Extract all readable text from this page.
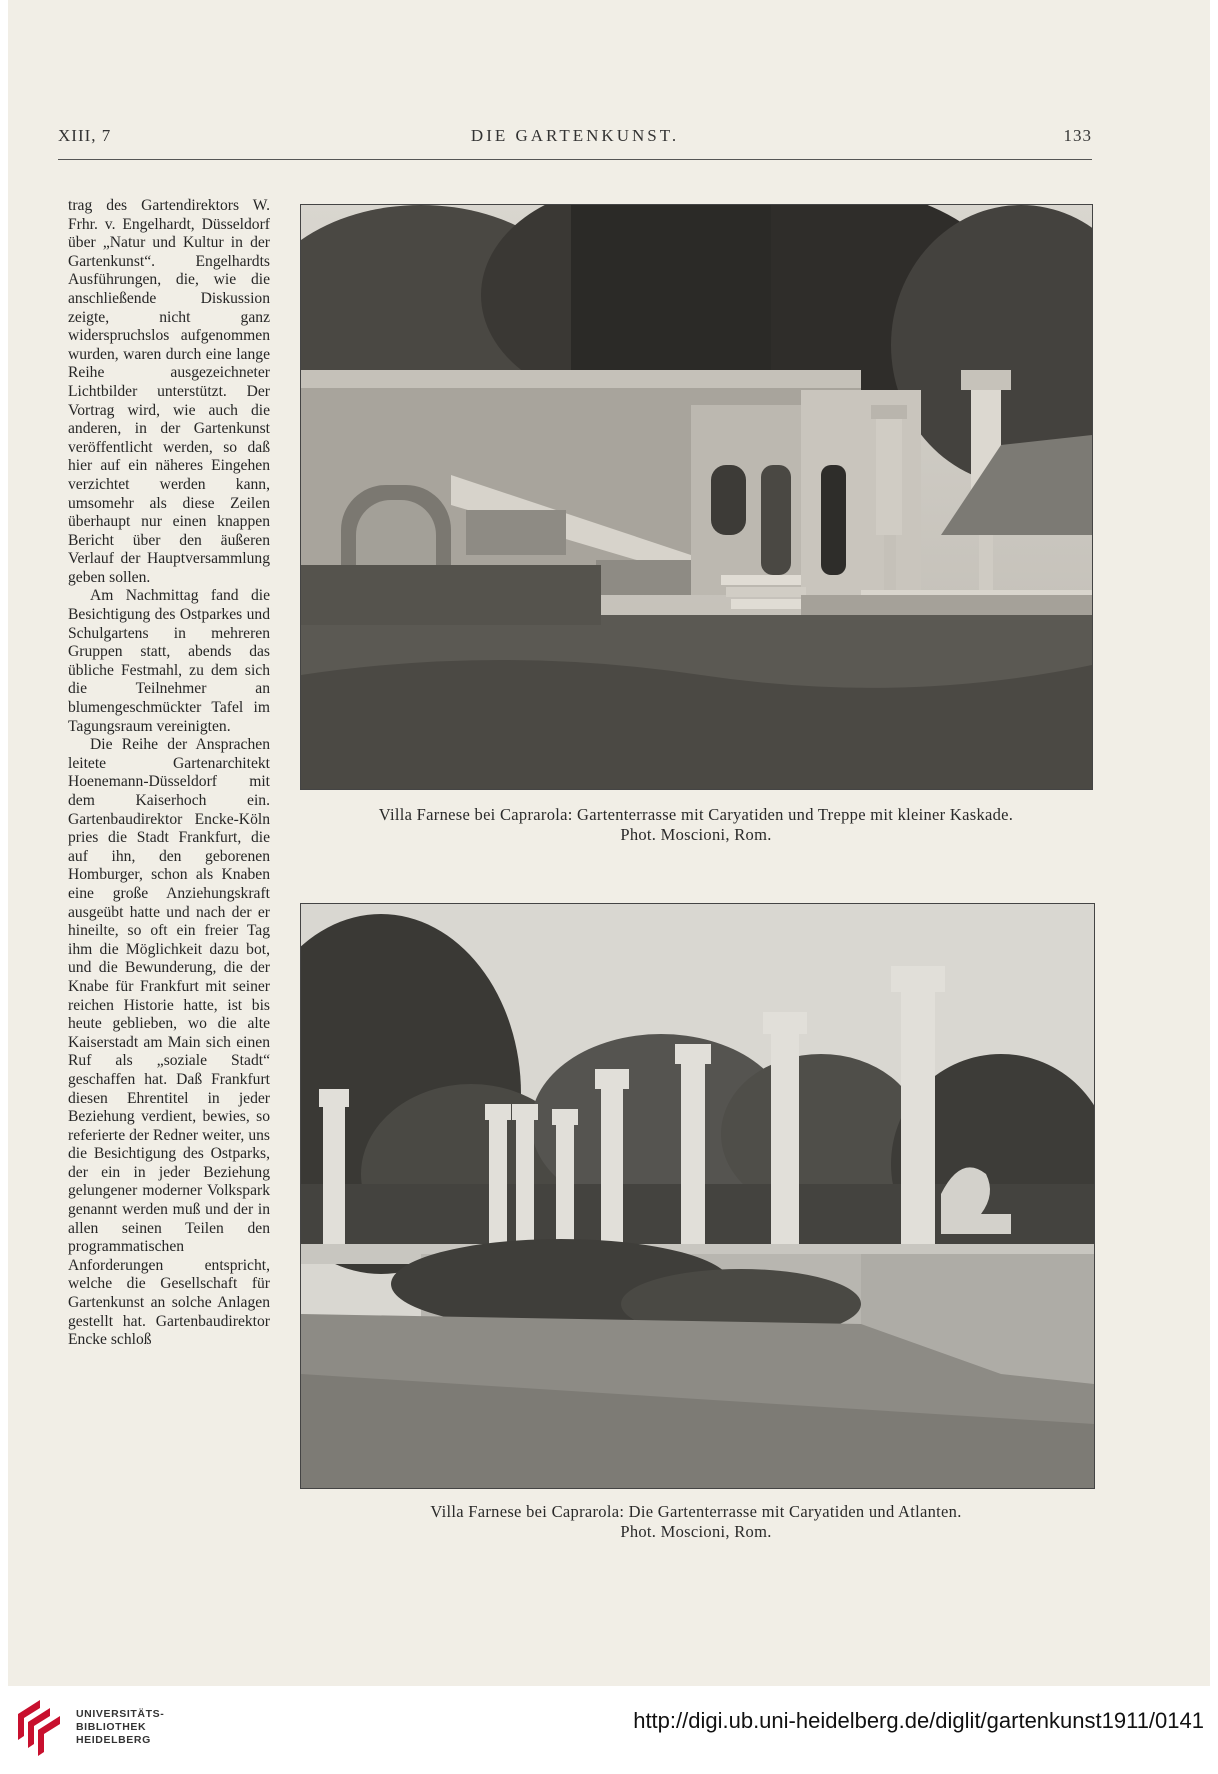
XIII, 7	DIE GARTENKUNST.	133

trag des Gartendirektors W. Frhr. v. Engelhardt, Düsseldorf über „Natur und Kultur in der Gartenkunst“. Engelhardts Ausführungen, die, wie die anschließende Diskussion zeigte, nicht ganz widerspruchslos aufgenommen wurden, waren durch eine lange Reihe ausgezeichneter Lichtbilder unterstützt. Der Vortrag wird, wie auch die anderen, in der Gartenkunst veröffentlicht werden, so daß hier auf ein näheres Eingehen verzichtet werden kann, umsomehr als diese Zeilen überhaupt nur einen knappen Bericht über den äußeren Verlauf der Hauptversammlung geben sollen.

Am Nachmittag fand die Besichtigung des Ostparkes und Schulgartens in mehreren Gruppen statt, abends das übliche Festmahl, zu dem sich die Teilnehmer an blumengeschmückter Tafel im Tagungsraum vereinigten.

Die Reihe der Ansprachen leitete Gartenarchitekt Hoenemann-Düsseldorf mit dem Kaiserhoch ein. Gartenbaudirektor Encke-Köln pries die Stadt Frankfurt, die auf ihn, den geborenen Homburger, schon als Knaben eine große Anziehungskraft ausgeübt hatte und nach der er hineilte, so oft ein freier Tag ihm die Möglichkeit dazu bot, und die Bewunderung, die der Knabe für Frankfurt mit seiner reichen Historie hatte, ist bis heute geblieben, wo die alte Kaiserstadt am Main sich einen Ruf als „soziale Stadt“ geschaffen hat. Daß Frankfurt diesen Ehrentitel in jeder Beziehung verdient, bewies, so referierte der Redner weiter, uns die Besichtigung des Ostparks, der ein in jeder Beziehung gelungener moderner Volkspark genannt werden muß und der in allen seinen Teilen den programmatischen Anforderungen entspricht, welche die Gesellschaft für Gartenkunst an solche Anlagen gestellt hat. Gartenbaudirektor Encke schloß

Villa Farnese bei Caprarola: Gartenterrasse mit Caryatiden und Treppe mit kleiner Kaskade.
Phot. Moscioni, Rom.
Villa Farnese bei Caprarola: Die Gartenterrasse mit Caryatiden und Atlanten.
Phot. Moscioni, Rom.
UNIVERSITÄTS-
BIBLIOTHEK
HEIDELBERG
http://digi.ub.uni-heidelberg.de/diglit/gartenkunst1911/0141
